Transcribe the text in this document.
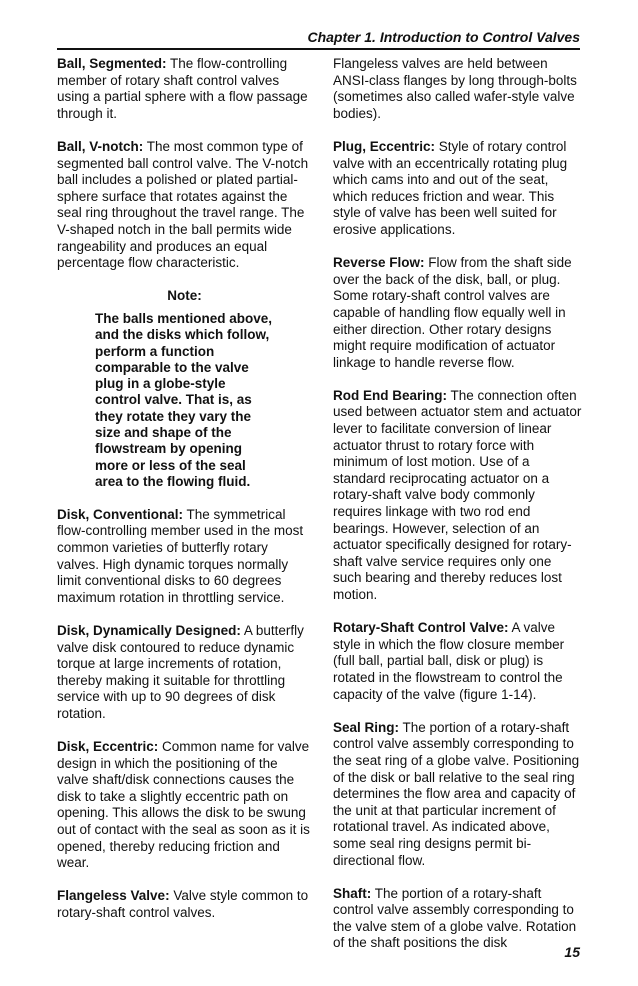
Chapter 1. Introduction to Control Valves

Ball, Segmented: The flow-controlling member of rotary shaft control valves using a partial sphere with a flow passage through it.

Ball, V-notch: The most common type of segmented ball control valve. The V-notch ball includes a polished or plated partial-sphere surface that rotates against the seal ring throughout the travel range. The V-shaped notch in the ball permits wide rangeability and produces an equal percentage flow characteristic.

Note:

The balls mentioned above, and the disks which follow, perform a function comparable to the valve plug in a globe-style control valve. That is, as they rotate they vary the size and shape of the flowstream by opening more or less of the seal area to the flowing fluid.

Disk, Conventional: The symmetrical flow-controlling member used in the most common varieties of butterfly rotary valves. High dynamic torques normally limit conventional disks to 60 degrees maximum rotation in throttling service.

Disk, Dynamically Designed: A butterfly valve disk contoured to reduce dynamic torque at large increments of rotation, thereby making it suitable for throttling service with up to 90 degrees of disk rotation.

Disk, Eccentric: Common name for valve design in which the positioning of the valve shaft/disk connections causes the disk to take a slightly eccentric path on opening. This allows the disk to be swung out of contact with the seal as soon as it is opened, thereby reducing friction and wear.

Flangeless Valve: Valve style common to rotary-shaft control valves.

Flangeless valves are held between ANSI-class flanges by long through-bolts (sometimes also called wafer-style valve bodies).

Plug, Eccentric: Style of rotary control valve with an eccentrically rotating plug which cams into and out of the seat, which reduces friction and wear. This style of valve has been well suited for erosive applications.

Reverse Flow: Flow from the shaft side over the back of the disk, ball, or plug. Some rotary-shaft control valves are capable of handling flow equally well in either direction. Other rotary designs might require modification of actuator linkage to handle reverse flow.

Rod End Bearing: The connection often used between actuator stem and actuator lever to facilitate conversion of linear actuator thrust to rotary force with minimum of lost motion. Use of a standard reciprocating actuator on a rotary-shaft valve body commonly requires linkage with two rod end bearings. However, selection of an actuator specifically designed for rotary-shaft valve service requires only one such bearing and thereby reduces lost motion.

Rotary-Shaft Control Valve: A valve style in which the flow closure member (full ball, partial ball, disk or plug) is rotated in the flowstream to control the capacity of the valve (figure 1-14).

Seal Ring: The portion of a rotary-shaft control valve assembly corresponding to the seat ring of a globe valve. Positioning of the disk or ball relative to the seal ring determines the flow area and capacity of the unit at that particular increment of rotational travel. As indicated above, some seal ring designs permit bi-directional flow.

Shaft: The portion of a rotary-shaft control valve assembly corresponding to the valve stem of a globe valve. Rotation of the shaft positions the disk

15
